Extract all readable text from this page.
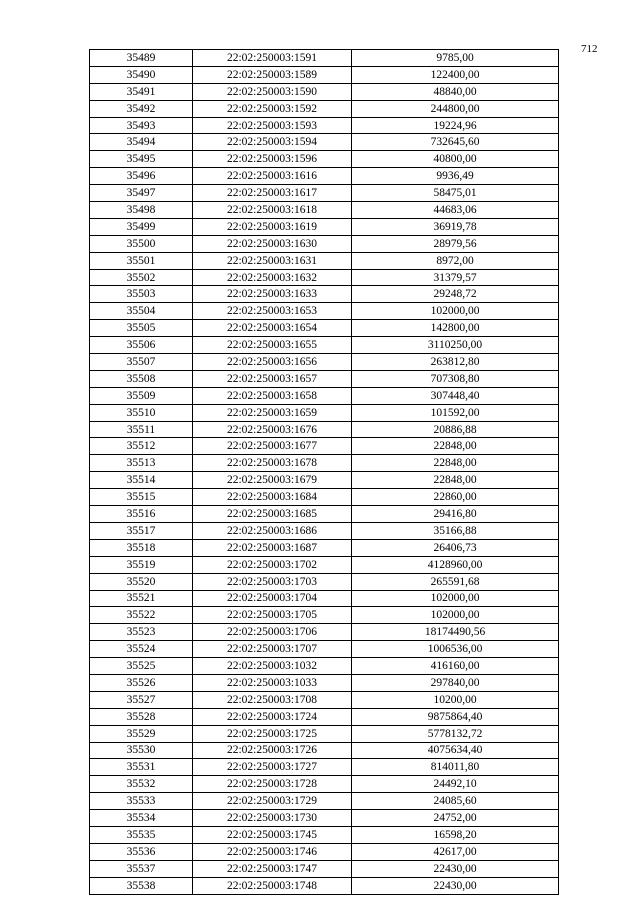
712
35489	22:02:250003:1591	9785,00
35490	22:02:250003:1589	122400,00
35491	22:02:250003:1590	48840,00
35492	22:02:250003:1592	244800,00
35493	22:02:250003:1593	19224,96
35494	22:02:250003:1594	732645,60
35495	22:02:250003:1596	40800,00
35496	22:02:250003:1616	9936,49
35497	22:02:250003:1617	58475,01
35498	22:02:250003:1618	44683,06
35499	22:02:250003:1619	36919,78
35500	22:02:250003:1630	28979,56
35501	22:02:250003:1631	8972,00
35502	22:02:250003:1632	31379,57
35503	22:02:250003:1633	29248,72
35504	22:02:250003:1653	102000,00
35505	22:02:250003:1654	142800,00
35506	22:02:250003:1655	3110250,00
35507	22:02:250003:1656	263812,80
35508	22:02:250003:1657	707308,80
35509	22:02:250003:1658	307448,40
35510	22:02:250003:1659	101592,00
35511	22:02:250003:1676	20886,88
35512	22:02:250003:1677	22848,00
35513	22:02:250003:1678	22848,00
35514	22:02:250003:1679	22848,00
35515	22:02:250003:1684	22860,00
35516	22:02:250003:1685	29416,80
35517	22:02:250003:1686	35166,88
35518	22:02:250003:1687	26406,73
35519	22:02:250003:1702	4128960,00
35520	22:02:250003:1703	265591,68
35521	22:02:250003:1704	102000,00
35522	22:02:250003:1705	102000,00
35523	22:02:250003:1706	18174490,56
35524	22:02:250003:1707	1006536,00
35525	22:02:250003:1032	416160,00
35526	22:02:250003:1033	297840,00
35527	22:02:250003:1708	10200,00
35528	22:02:250003:1724	9875864,40
35529	22:02:250003:1725	5778132,72
35530	22:02:250003:1726	4075634,40
35531	22:02:250003:1727	814011,80
35532	22:02:250003:1728	24492,10
35533	22:02:250003:1729	24085,60
35534	22:02:250003:1730	24752,00
35535	22:02:250003:1745	16598,20
35536	22:02:250003:1746	42617,00
35537	22:02:250003:1747	22430,00
35538	22:02:250003:1748	22430,00
